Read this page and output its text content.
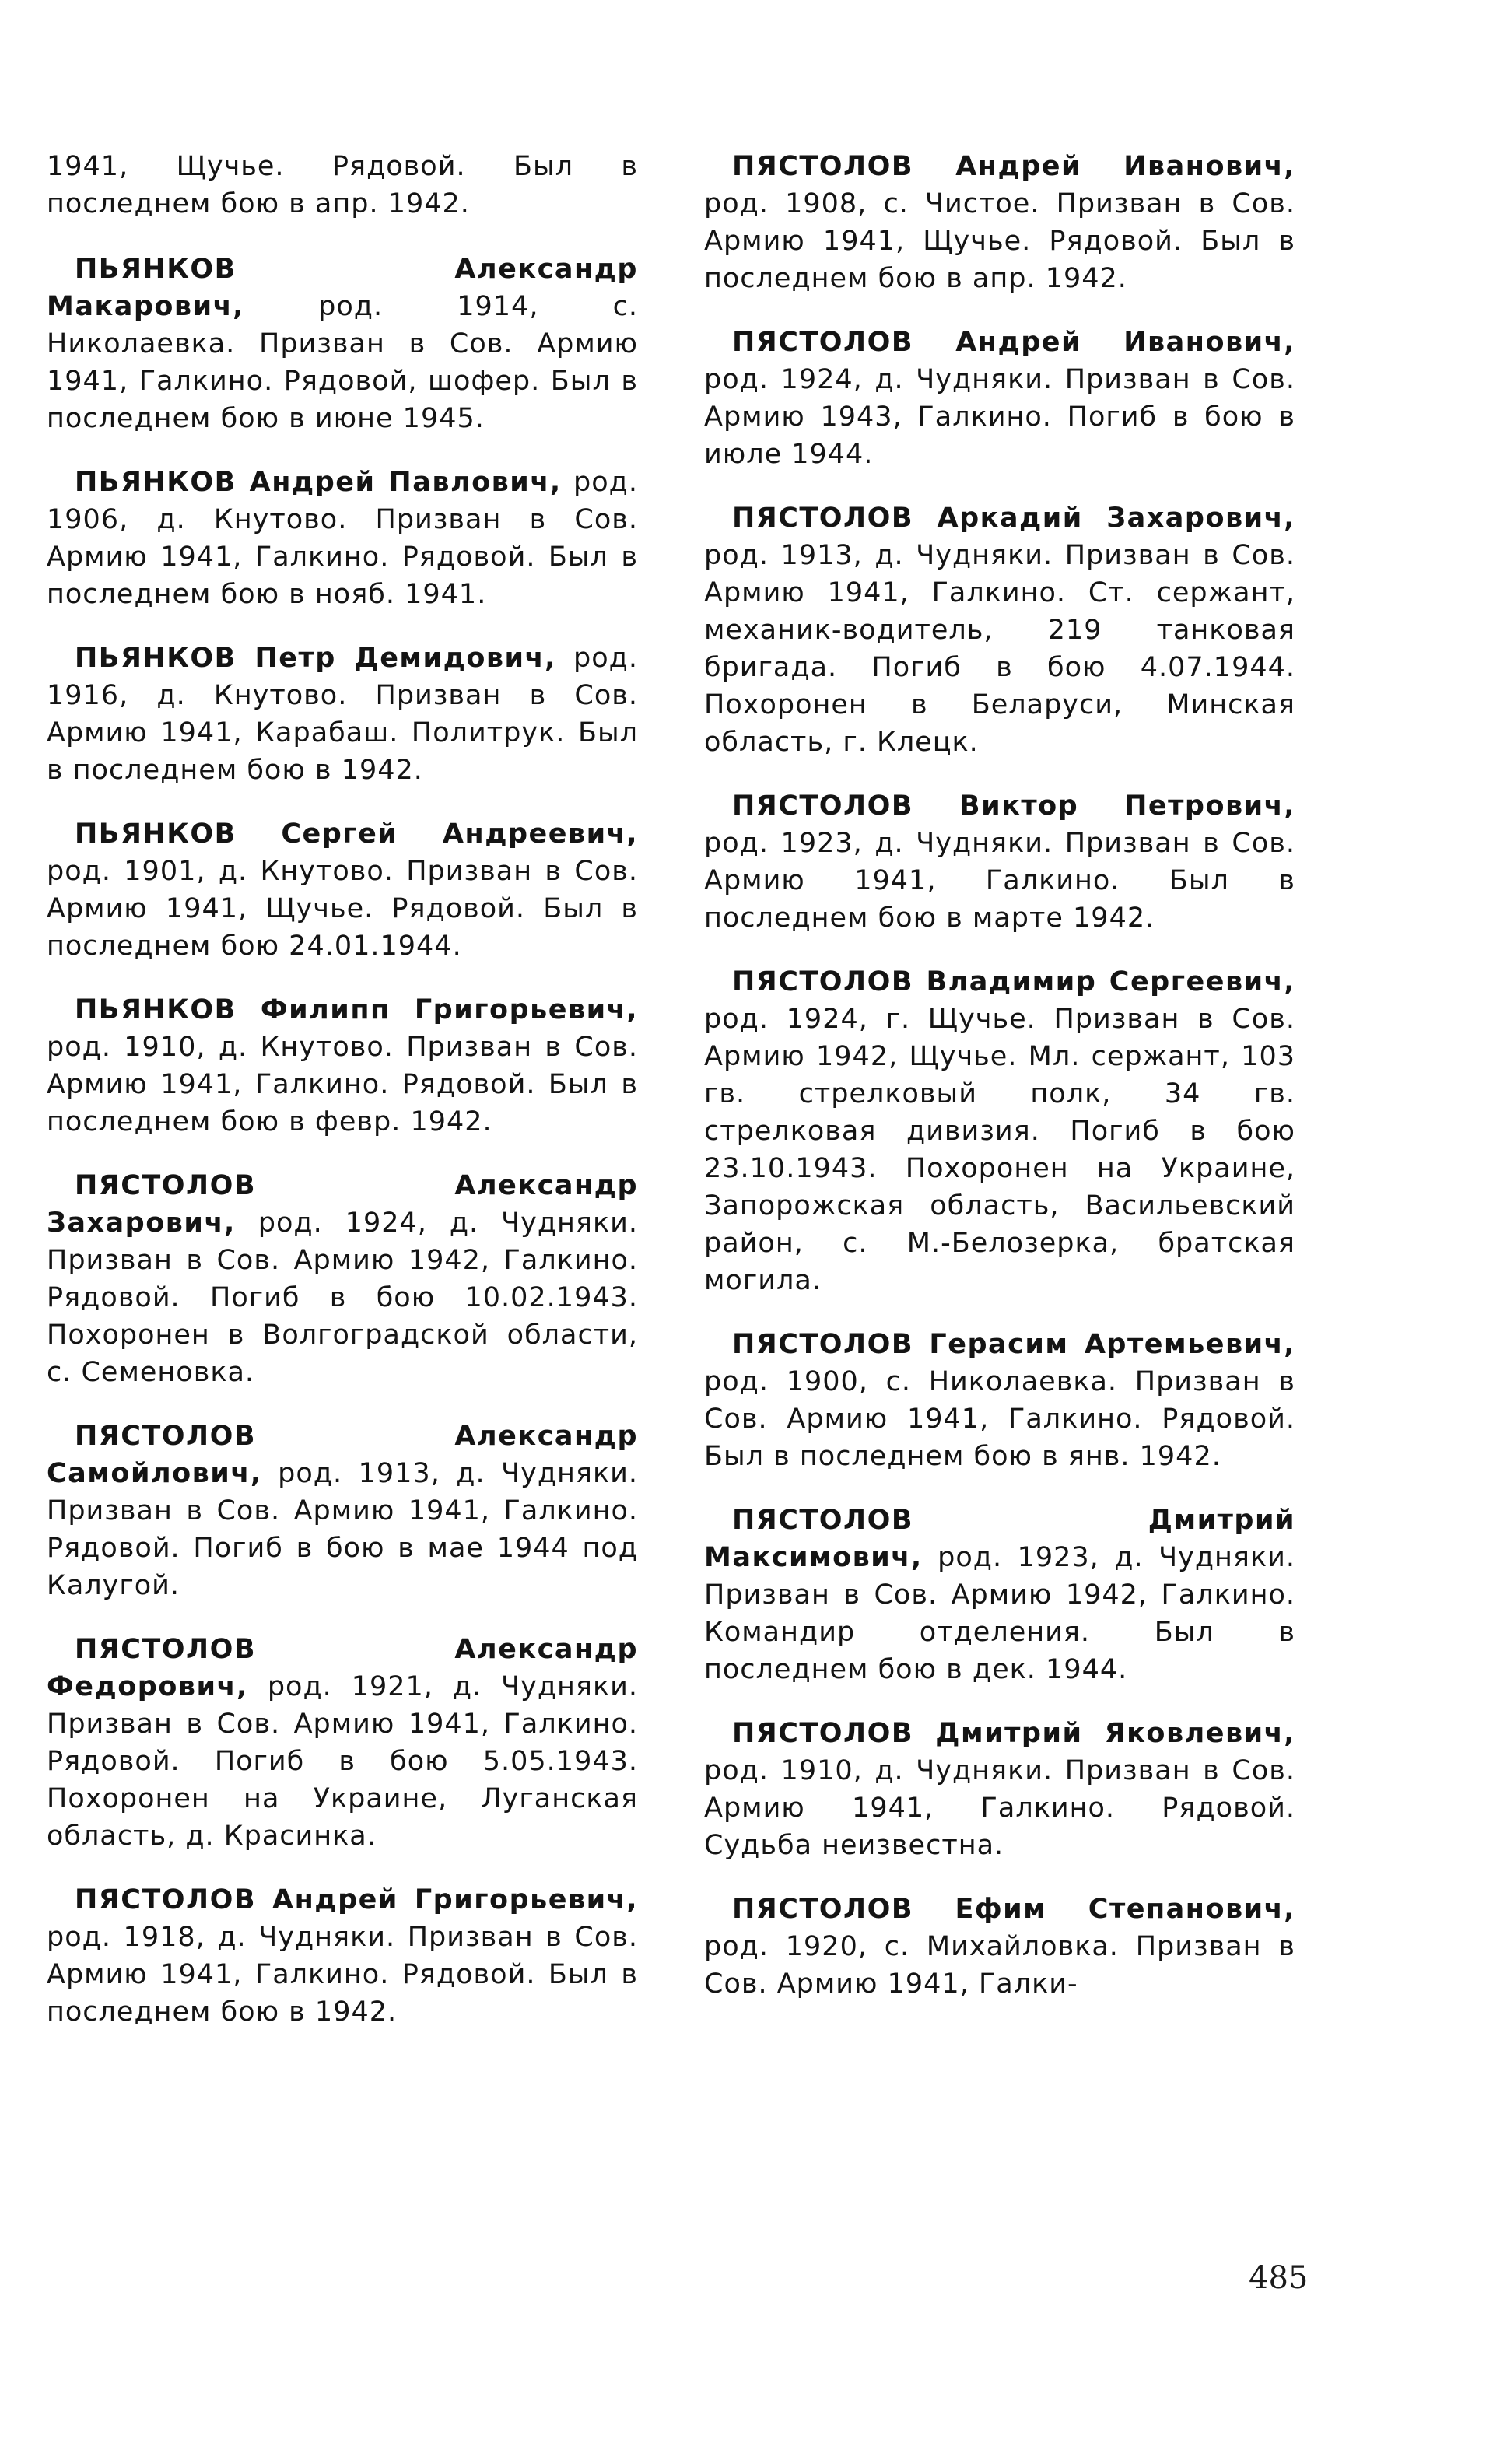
1941, Щучье. Рядовой. Был в последнем бою в апр. 1942.

ПЬЯНКОВ Александр Макарович,	род. 1914, с. Николаевка. Призван в Сов. Армию 1941, Галкино. Рядовой, шофер. Был в последнем бою в июне 1945.

ПЬЯНКОВ Андрей Павлович, род. 1906, д. Кнутово. Призван в Сов. Армию 1941, Галкино. Рядовой. Был в последнем бою в нояб. 1941.

ПЬЯНКОВ Петр Демидович, род. 1916, д. Кнутово. Призван в Сов. Армию 1941, Карабаш. Политрук. Был в последнем бою в 1942.

ПЬЯНКОВ Сергей Андреевич, род. 1901, д. Кнутово. Призван в Сов. Армию 1941, Щучье. Рядовой. Был в последнем бою 24.01.1944.

ПЬЯНКОВ Филипп Григорьевич, род. 1910, д. Кнутово. Призван в Сов. Армию 1941, Галкино. Рядовой. Был в последнем бою в февр. 1942.

ПЯСТОЛОВ Александр Захарович, род. 1924, д. Чудняки. Призван в Сов. Армию 1942, Галкино. Рядовой. Погиб в бою 10.02.1943. Похоронен в Волгоградской области, с. Семеновка.

ПЯСТОЛОВ Александр Самойлович, род. 1913, д. Чудняки. Призван в Сов. Армию 1941, Галкино. Рядовой. Погиб в бою в мае 1944 под Калугой.

ПЯСТОЛОВ Александр Федорович, род. 1921, д. Чудняки. Призван в Сов. Армию 1941, Галкино. Рядовой. Погиб в бою 5.05.1943. Похоронен на Украине, Луганская область, д. Красинка.

ПЯСТОЛОВ Андрей Григорьевич, род. 1918, д. Чудняки. Призван в Сов. Армию 1941, Галкино. Рядовой. Был в последнем бою в 1942.

ПЯСТОЛОВ Андрей Иванович, род. 1908, с. Чистое. Призван в Сов. Армию 1941, Щучье. Рядовой. Был в последнем бою в апр. 1942.

ПЯСТОЛОВ Андрей Иванович, род. 1924, д. Чудняки. Призван в Сов. Армию 1943, Галкино. Погиб в бою в июле 1944.

ПЯСТОЛОВ Аркадий Захарович, род. 1913, д. Чудняки. Призван в Сов. Армию 1941, Галкино. Ст. сержант, механик-водитель, 219 танковая бригада. Погиб в бою 4.07.1944. Похоронен в Беларуси, Минская область, г. Клецк.

ПЯСТОЛОВ Виктор Петрович, род. 1923, д. Чудняки. Призван в Сов. Армию 1941, Галкино. Был в последнем бою в марте 1942.

ПЯСТОЛОВ Владимир Сергеевич, род. 1924, г. Щучье. Призван в Сов. Армию 1942, Щучье. Мл. сержант, 103 гв. стрелковый полк, 34 гв. стрелковая дивизия. Погиб в бою 23.10.1943. Похоронен на Украине, Запорожская область, Васильевский район, с. М.-Белозерка, братская могила.

ПЯСТОЛОВ Герасим Артемьевич, род. 1900, с. Николаевка. Призван в Сов. Армию 1941, Галкино. Рядовой. Был в последнем бою в янв. 1942.

ПЯСТОЛОВ Дмитрий Максимович, род. 1923, д. Чудняки. Призван в Сов. Армию 1942, Галкино. Командир отделения. Был в последнем бою в дек. 1944.

ПЯСТОЛОВ Дмитрий Яковлевич, род. 1910, д. Чудняки. Призван в Сов. Армию 1941, Галкино. Рядовой. Судьба неизвестна.

ПЯСТОЛОВ Ефим Степанович, род. 1920, с. Михайловка. Призван в Сов. Армию 1941, Галки-

485
